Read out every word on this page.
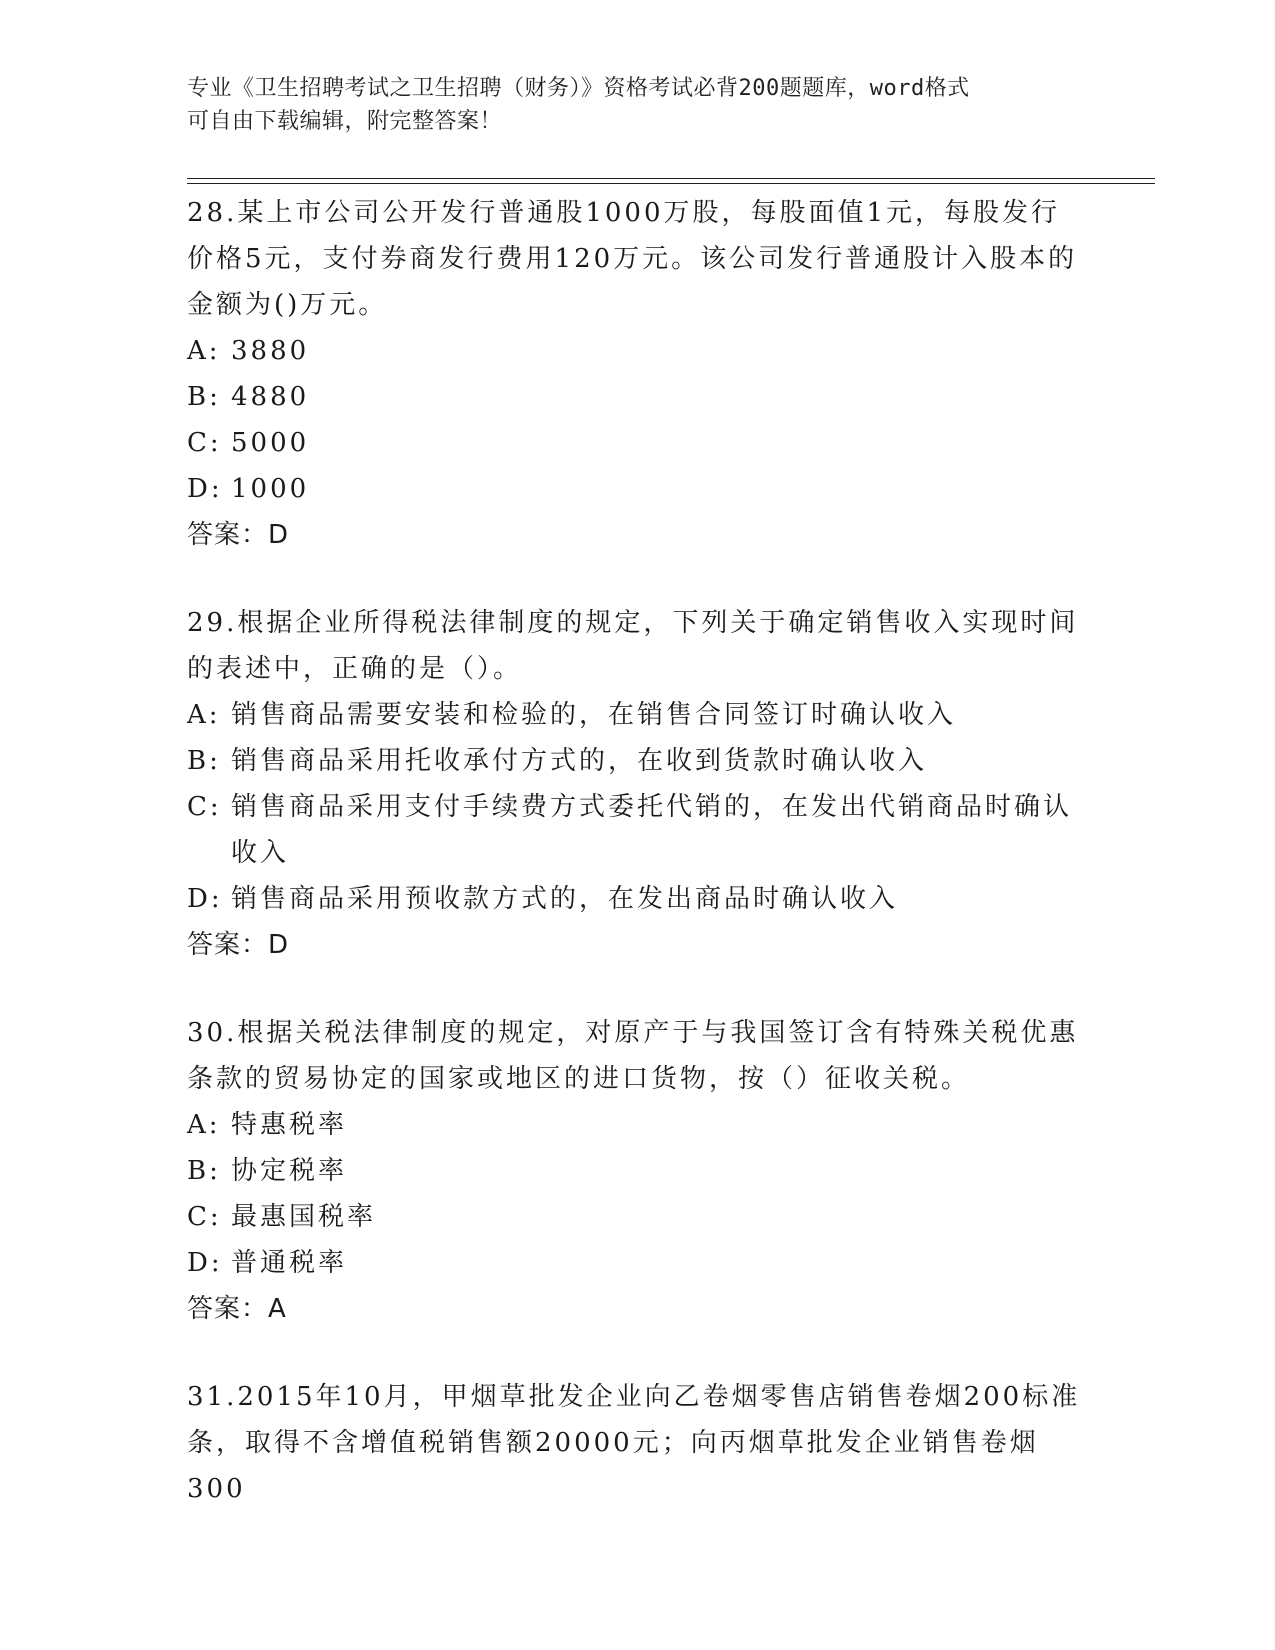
专业《卫生招聘考试之卫生招聘（财务）》资格考试必背200题题库，word格式
可自由下载编辑，附完整答案！

28.某上市公司公开发行普通股1000万股，每股面值1元，每股发行价格5元，支付券商发行费用120万元。该公司发行普通股计入股本的金额为()万元。

A: 3880
B: 4880
C: 5000
D: 1000

答案：D

29.根据企业所得税法律制度的规定，下列关于确定销售收入实现时间的表述中，正确的是（）。

A: 销售商品需要安装和检验的，在销售合同签订时确认收入
B: 销售商品采用托收承付方式的，在收到货款时确认收入
C: 销售商品采用支付手续费方式委托代销的，在发出代销商品时确认收入
D: 销售商品采用预收款方式的，在发出商品时确认收入

答案：D

30.根据关税法律制度的规定，对原产于与我国签订含有特殊关税优惠条款的贸易协定的国家或地区的进口货物，按（）征收关税。

A: 特惠税率
B: 协定税率
C: 最惠国税率
D: 普通税率

答案：A

31.2015年10月，甲烟草批发企业向乙卷烟零售店销售卷烟200标准条，取得不含增值税销售额20000元；向丙烟草批发企业销售卷烟300
